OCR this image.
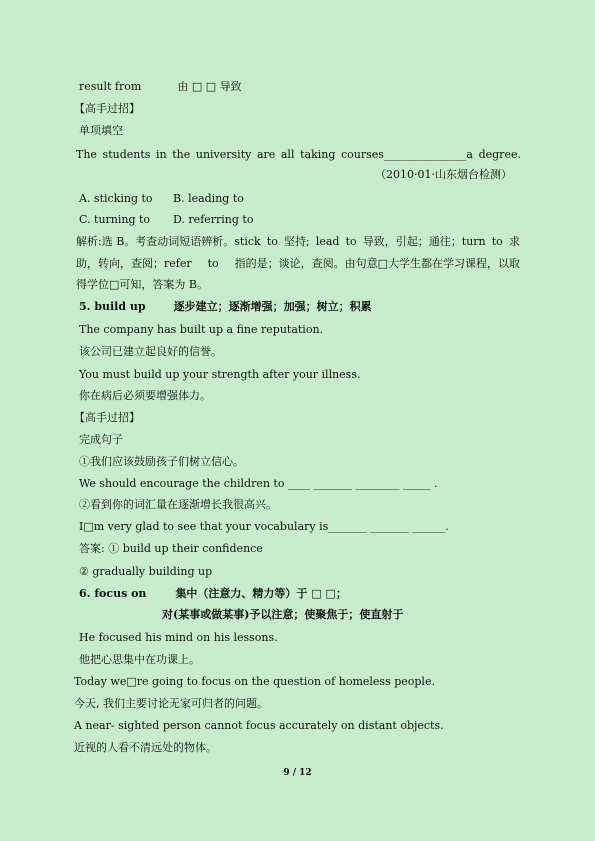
result from	由 □ □ 导致
【高手过招】
单项填空
The students in the university are all taking courses_______________a degree.
（2010·01·山东烟台检测）
A. sticking to B. leading to
C. turning to D. referring to
解析:选 B。考查动词短语辨析。stick to 坚持; lead to 导致，引起；通往；turn to 求
助，转向，查阅；refer to 指的是；谈论，查阅。由句意□大学生都在学习课程，以取
得学位□可知，答案为 B。
5. build up	逐步建立；逐渐增强；加强；树立；积累
The company has built up a fine reputation.
该公司已建立起良好的信誉。
You must build up your strength after your illness.
你在病后必须要增强体力。
【高手过招】
完成句子
①我们应该鼓励孩子们树立信心。
We should encourage the children to ____ _______ ________ _____ .
②看到你的词汇量在逐渐增长我很高兴。
I□m very glad to see that your vocabulary is_______ _______ ______.
答案: ① build up their confidence
② gradually building up
6. focus on	集中（注意力、精力等）于 □ □；
对(某事或做某事)予以注意；使聚焦于；使直射于
He focused his mind on his lessons.
他把心思集中在功课上。
Today we□re going to focus on the question of homeless people.
今天, 我们主要讨论无家可归者的问题。
A near- sighted person cannot focus accurately on distant objects.
近视的人看不清远处的物体。
9 / 12
